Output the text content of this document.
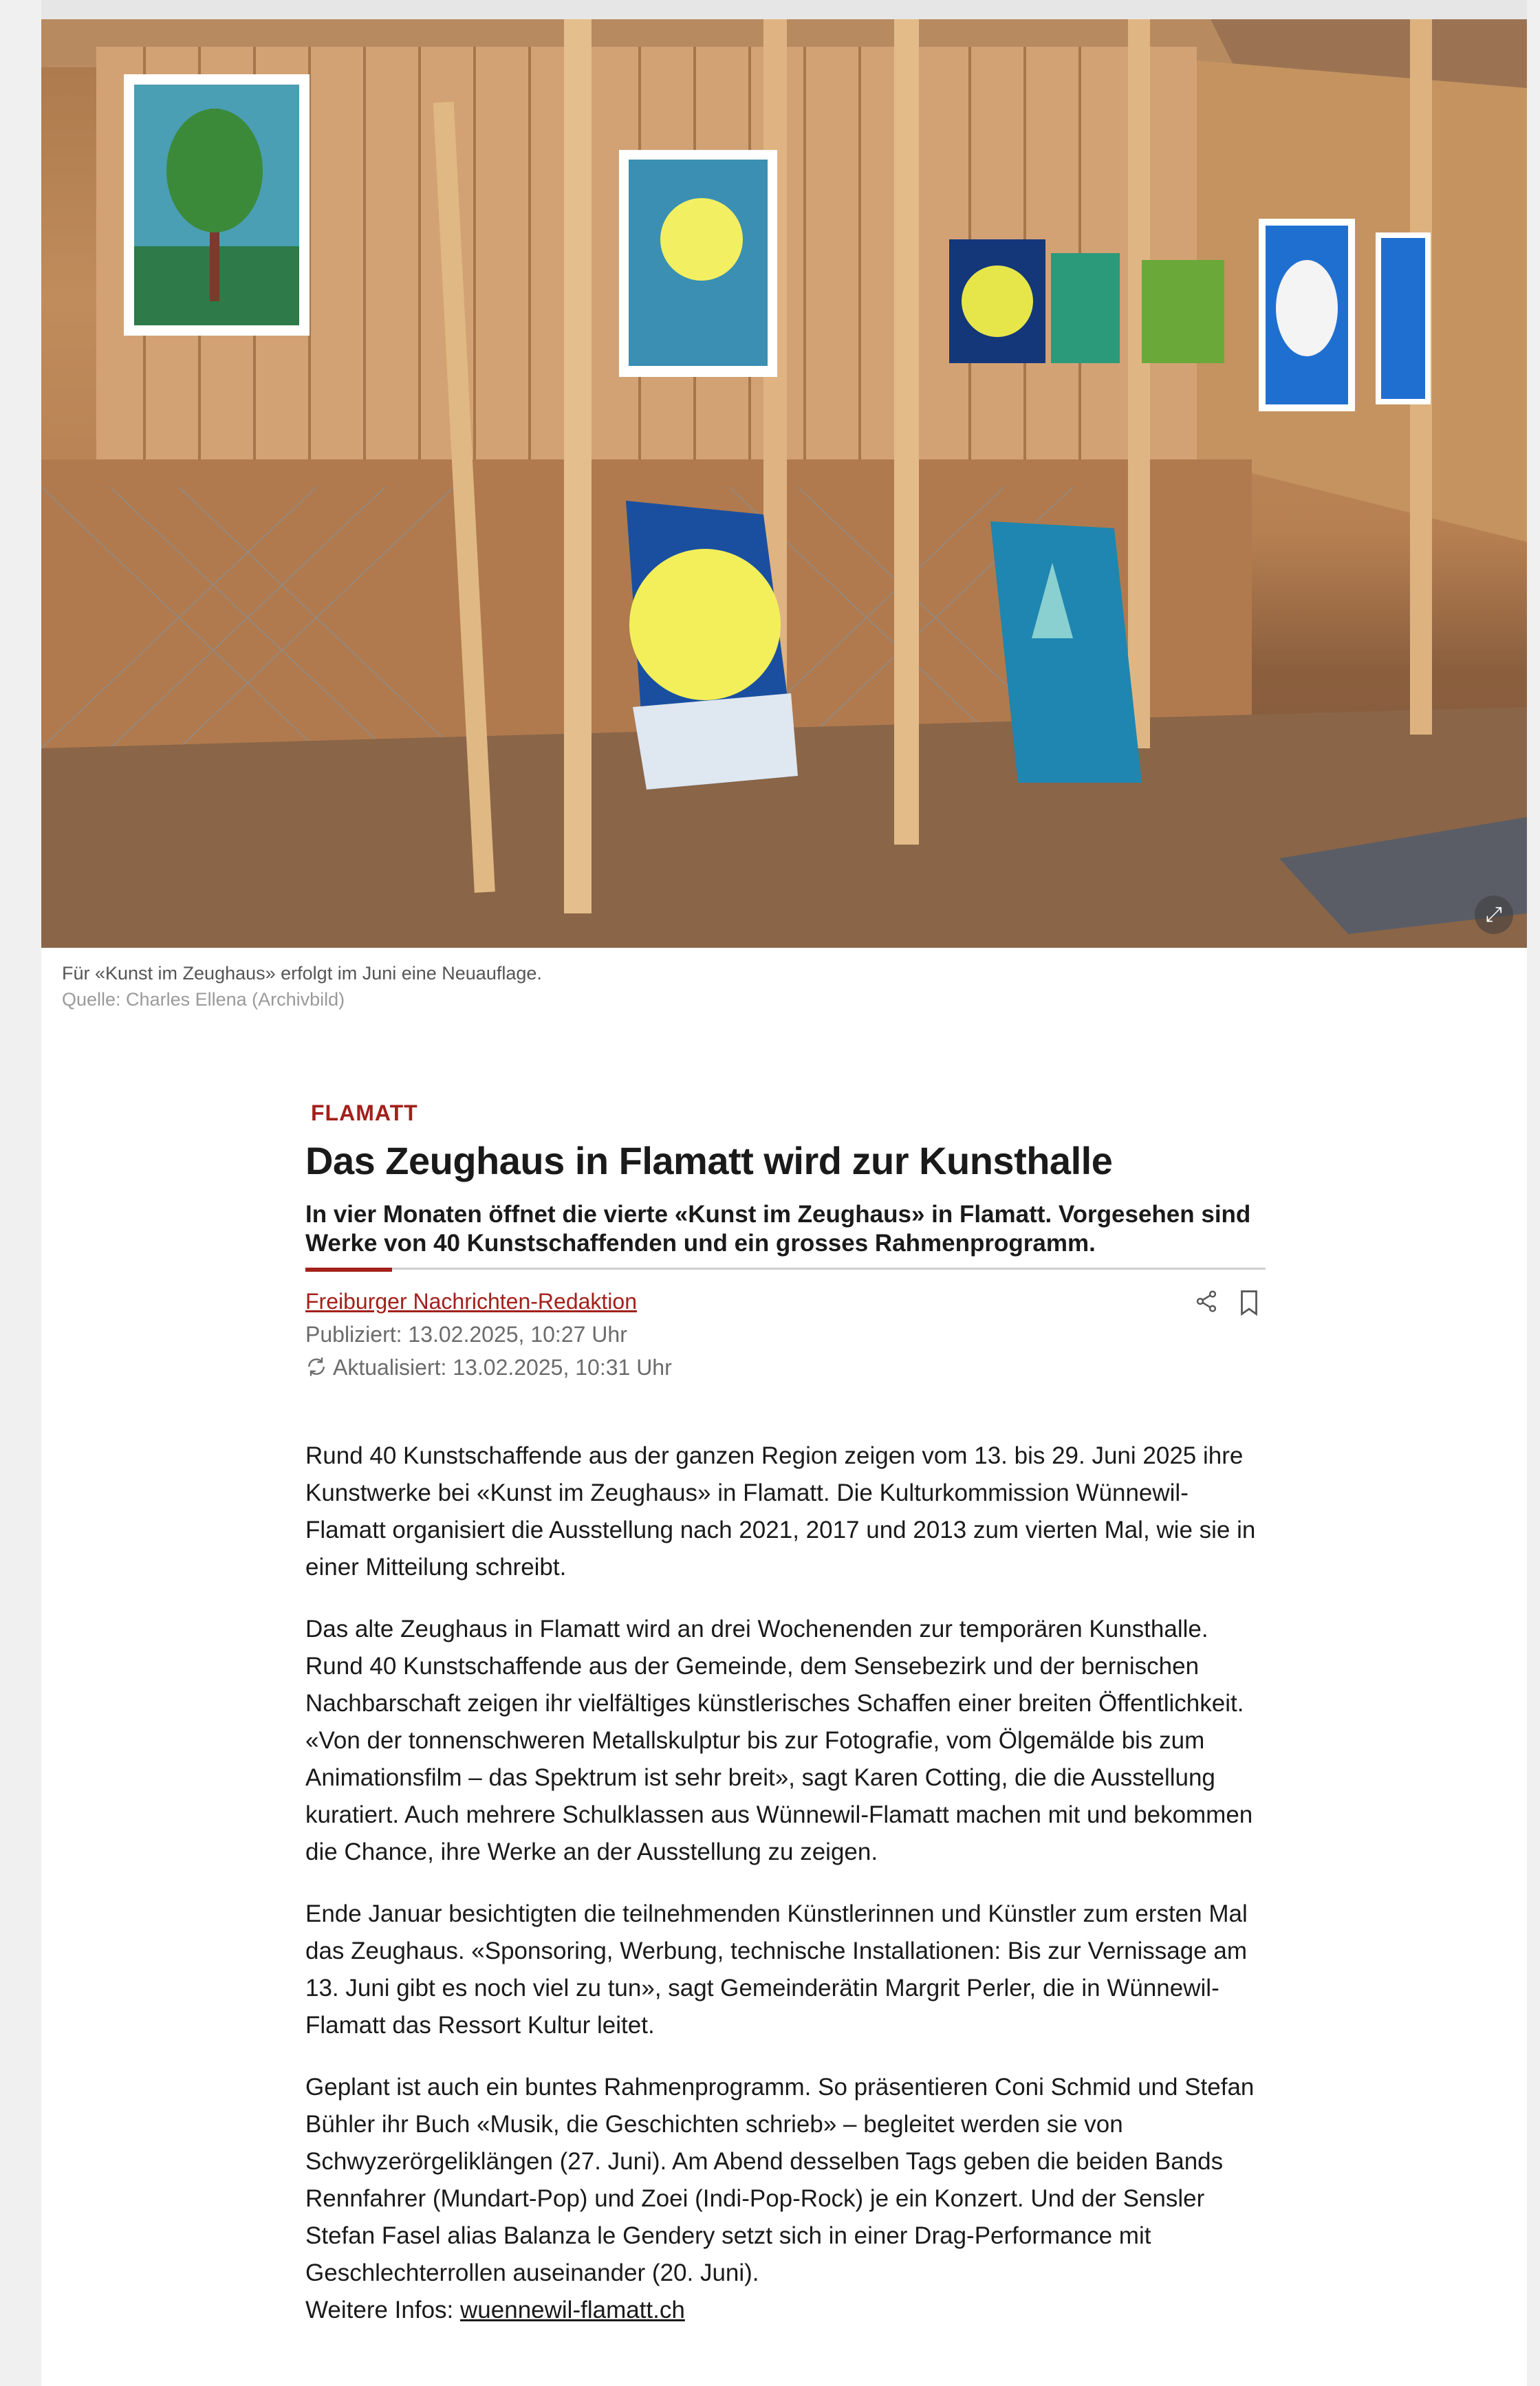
⤢
Für «Kunst im Zeughaus» erfolgt im Juni eine Neuauflage.
Quelle: Charles Ellena (Archivbild)
FLAMATT
Das Zeughaus in Flamatt wird zur Kunsthalle
In vier Monaten öffnet die vierte «Kunst im Zeughaus» in Flamatt. Vorgesehen sind Werke von 40 Kunstschaffenden und ein grosses Rahmenprogramm.
Freiburger Nachrichten-Redaktion
Publiziert: 13.02.2025, 10:27 Uhr
Aktualisiert: 13.02.2025, 10:31 Uhr

Rund 40 Kunstschaffende aus der ganzen Region zeigen vom 13. bis 29. Juni 2025 ihre Kunstwerke bei «Kunst im Zeughaus» in Flamatt. Die Kulturkommission Wünnewil-Flamatt organisiert die Ausstellung nach 2021, 2017 und 2013 zum vierten Mal, wie sie in einer Mitteilung schreibt.

Das alte Zeughaus in Flamatt wird an drei Wochenenden zur temporären Kunsthalle. Rund 40 Kunstschaffende aus der Gemeinde, dem Sensebezirk und der bernischen Nachbarschaft zeigen ihr vielfältiges künstlerisches Schaffen einer breiten Öffentlichkeit. «Von der tonnenschweren Metallskulptur bis zur Fotografie, vom Ölgemälde bis zum Animationsfilm – das Spektrum ist sehr breit», sagt Karen Cotting, die die Ausstellung kuratiert. Auch mehrere Schulklassen aus Wünnewil-Flamatt machen mit und bekommen die Chance, ihre Werke an der Ausstellung zu zeigen.

Ende Januar besichtigten die teilnehmenden Künstlerinnen und Künstler zum ersten Mal das Zeughaus. «Sponsoring, Werbung, technische Installationen: Bis zur Vernissage am 13. Juni gibt es noch viel zu tun», sagt Gemeinderätin Margrit Perler, die in Wünnewil-Flamatt das Ressort Kultur leitet.

Geplant ist auch ein buntes Rahmenprogramm. So präsentieren Coni Schmid und Stefan Bühler ihr Buch «Musik, die Geschichten schrieb» – begleitet werden sie von Schwyzerörgeliklängen (27. Juni). Am Abend desselben Tags geben die beiden Bands Rennfahrer (Mundart-Pop) und Zoei (Indi-Pop-Rock) je ein Konzert. Und der Sensler Stefan Fasel alias Balanza le Gendery setzt sich in einer Drag-Performance mit Geschlechterrollen auseinander (20. Juni).

Weitere Infos: wuennewil-flamatt.ch
